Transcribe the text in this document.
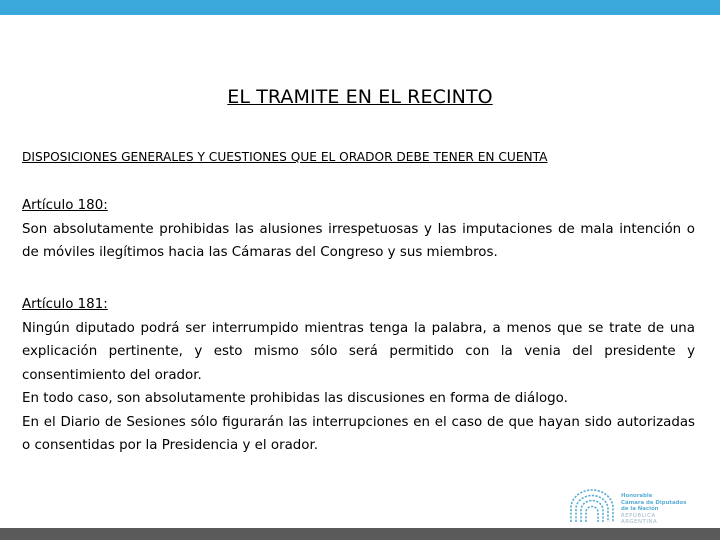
EL TRAMITE EN EL RECINTO
DISPOSICIONES GENERALES Y CUESTIONES QUE EL ORADOR DEBE TENER EN CUENTA
Artículo 180:

Son absolutamente prohibidas las alusiones irrespetuosas y las imputaciones de mala intención o de móviles ilegítimos hacia las Cámaras del Congreso y sus miembros.

Artículo 181:

Ningún diputado podrá ser interrumpido mientras tenga la palabra, a menos que se trate de una explicación pertinente, y esto mismo sólo será permitido con la venia del presidente y consentimiento del orador.

En todo caso, son absolutamente prohibidas las discusiones en forma de diálogo.

En el Diario de Sesiones sólo figurarán las interrupciones en el caso de que hayan sido autorizadas o consentidas por la Presidencia y el orador.

Honorable
Cámara de Diputados
de la Nación
REPÚBLICA ARGENTINA
